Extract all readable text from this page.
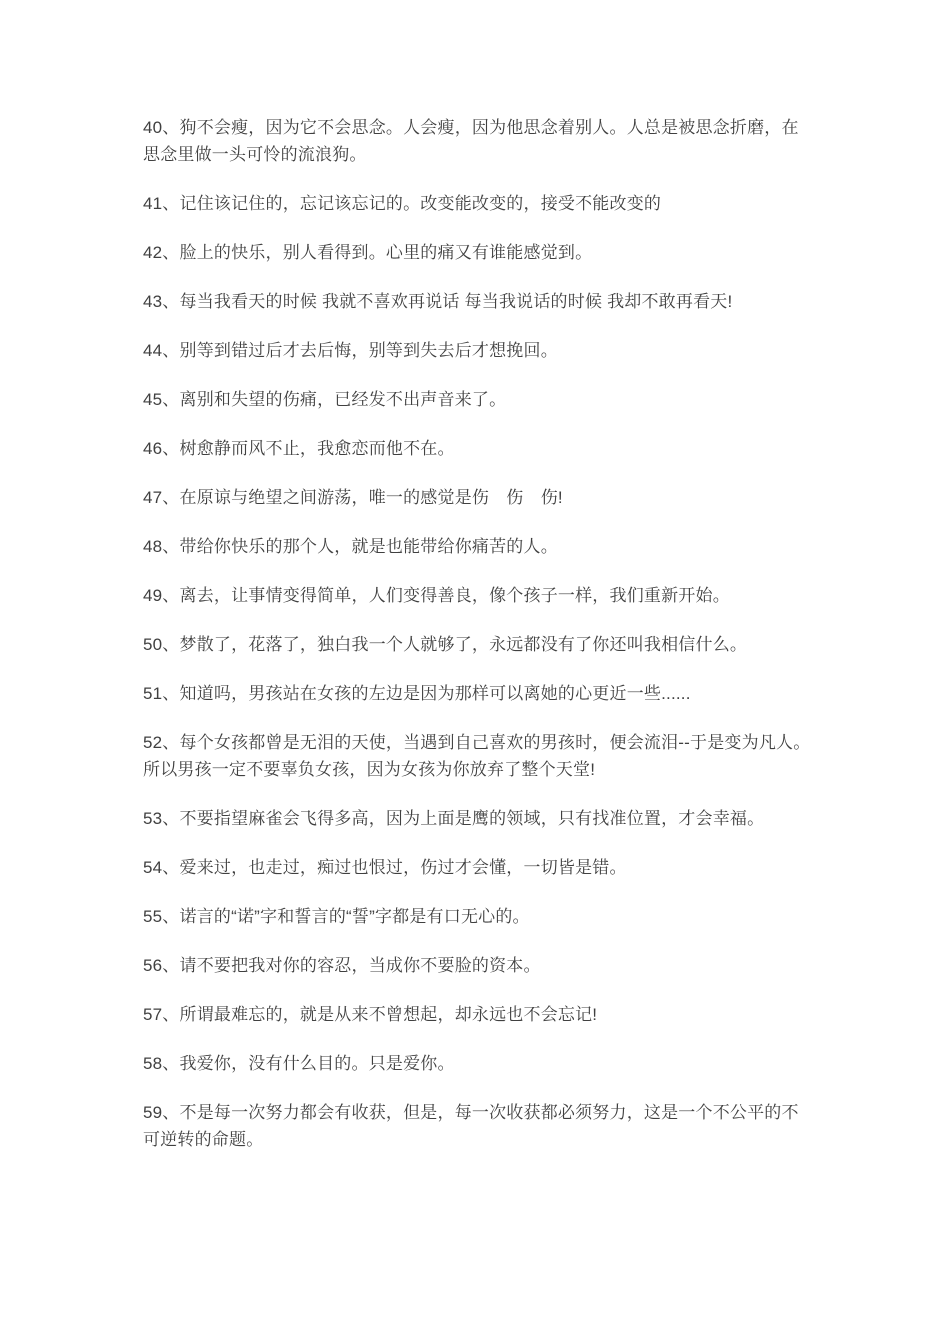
40、狗不会瘦，因为它不会思念。人会瘦，因为他思念着别人。人总是被思念折磨，在思念里做一头可怜的流浪狗。

41、记住该记住的，忘记该忘记的。改变能改变的，接受不能改变的

42、脸上的快乐，别人看得到。心里的痛又有谁能感觉到。

43、每当我看天的时候 我就不喜欢再说话 每当我说话的时候 我却不敢再看天!

44、别等到错过后才去后悔，别等到失去后才想挽回。

45、离别和失望的伤痛，已经发不出声音来了。

46、树愈静而风不止，我愈恋而他不在。

47、在原谅与绝望之间游荡，唯一的感觉是伤　伤　伤!

48、带给你快乐的那个人，就是也能带给你痛苦的人。

49、离去，让事情变得简单，人们变得善良，像个孩子一样，我们重新开始。

50、梦散了，花落了，独白我一个人就够了，永远都没有了你还叫我相信什么。

51、知道吗，男孩站在女孩的左边是因为那样可以离她的心更近一些......

52、每个女孩都曾是无泪的天使，当遇到自己喜欢的男孩时，便会流泪--于是变为凡人。所以男孩一定不要辜负女孩，因为女孩为你放弃了整个天堂!

53、不要指望麻雀会飞得多高，因为上面是鹰的领域，只有找准位置，才会幸福。

54、爱来过，也走过，痴过也恨过，伤过才会懂，一切皆是错。

55、诺言的“诺”字和誓言的“誓”字都是有口无心的。

56、请不要把我对你的容忍，当成你不要脸的资本。

57、所谓最难忘的，就是从来不曾想起，却永远也不会忘记!

58、我爱你，没有什么目的。只是爱你。

59、不是每一次努力都会有收获，但是，每一次收获都必须努力，这是一个不公平的不可逆转的命题。
